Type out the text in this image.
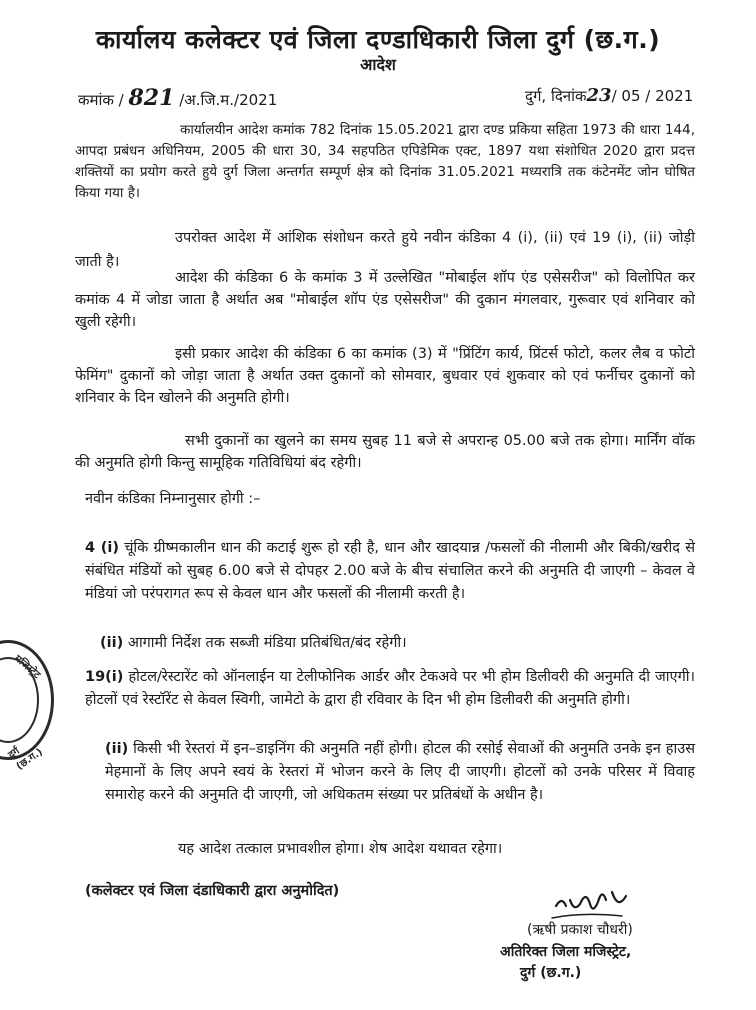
कार्यालय कलेक्टर एवं जिला दण्डाधिकारी जिला दुर्ग (छ.ग.)
आदेश
कमांक / 821 /अ.जि.म./2021	दुर्ग, दिनांक23/ 05 / 2021
कार्यालयीन आदेश कमांक 782 दिनांक 15.05.2021 द्वारा दण्ड प्रकिया सहिता 1973 की धारा 144, आपदा प्रबंधन अधिनियम, 2005 की धारा 30, 34 सहपठित एपिडेमिक एक्ट, 1897 यथा संशोधित 2020 द्वारा प्रदत्त शक्तियों का प्रयोग करते हुये दुर्ग जिला अन्तर्गत सम्पूर्ण क्षेत्र को दिनांक 31.05.2021 मध्यरात्रि तक कंटेनमेंट जोन घोषित किया गया है।
उपरोक्त आदेश में आंशिक संशोधन करते हुये नवीन कंडिका 4 (i), (ii) एवं 19 (i), (ii) जोड़ी जाती है।
आदेश की कंडिका 6 के कमांक 3 में उल्लेखित "मोबाईल शॉप एंड एसेसरीज" को विलोपित कर कमांक 4 में जोडा जाता है अर्थात अब "मोबाईल शॉप एंड एसेसरीज" की दुकान मंगलवार, गुरूवार एवं शनिवार को खुली रहेगी।
इसी प्रकार आदेश की कंडिका 6 का कमांक (3) में "प्रिंटिंग कार्य, प्रिंटर्स फोटो, कलर लैब व फोटो फेमिंग" दुकानों को जोड़ा जाता है अर्थात उक्त दुकानों को सोमवार, बुधवार एवं शुकवार को एवं फर्नीचर दुकानों को शनिवार के दिन खोलने की अनुमति होगी।
सभी दुकानों का खुलने का समय सुबह 11 बजे से अपरान्ह 05.00 बजे तक होगा। मार्निंग वॉक की अनुमति होगी किन्तु सामूहिक गतिविधियां बंद रहेगी।
नवीन कंडिका निम्नानुसार होगी :–
4 (i) चूंकि ग्रीष्मकालीन धान की कटाई शुरू हो रही है, धान और खादयान्न /फसलों की नीलामी और बिकी/खरीद से संबंधित मंडियों को सुबह 6.00 बजे से दोपहर 2.00 बजे के बीच संचालित करने की अनुमति दी जाएगी – केवल वे मंडियां जो परंपरागत रूप से केवल धान और फसलों की नीलामी करती है।
(ii) आगामी निर्देश तक सब्जी मंडिया प्रतिबंधित/बंद रहेगी।
19(i) होटल/रेस्टारेंट को ऑनलाईन या टेलीफोनिक आर्डर और टेकअवे पर भी होम डिलीवरी की अनुमति दी जाएगी। होटलों एवं रेस्टॉरेंट से केवल स्विगी, जामेटो के द्वारा ही रविवार के दिन भी होम डिलीवरी की अनुमति होगी।
(ii) किसी भी रेस्तरां में इन–डाइनिंग की अनुमति नहीं होगी। होटल की रसोई सेवाओं की अनुमति उनके इन हाउस मेहमानों के लिए अपने स्वयं के रेस्तरां में भोजन करने के लिए दी जाएगी। होटलों को उनके परिसर में विवाह समारोह करने की अनुमति दी जाएगी, जो अधिकतम संख्या पर प्रतिबंधों के अधीन है।
यह आदेश तत्काल प्रभावशील होगा। शेष आदेश यथावत रहेगा।
(कलेक्टर एवं जिला दंडाधिकारी द्वारा अनुमोदित)
मजिस्ट्रेट
दुर्ग (छ.ग.)
(ऋषी प्रकाश चौधरी)
अतिरिक्त जिला मजिस्ट्रेट,
दुर्ग (छ.ग.)
